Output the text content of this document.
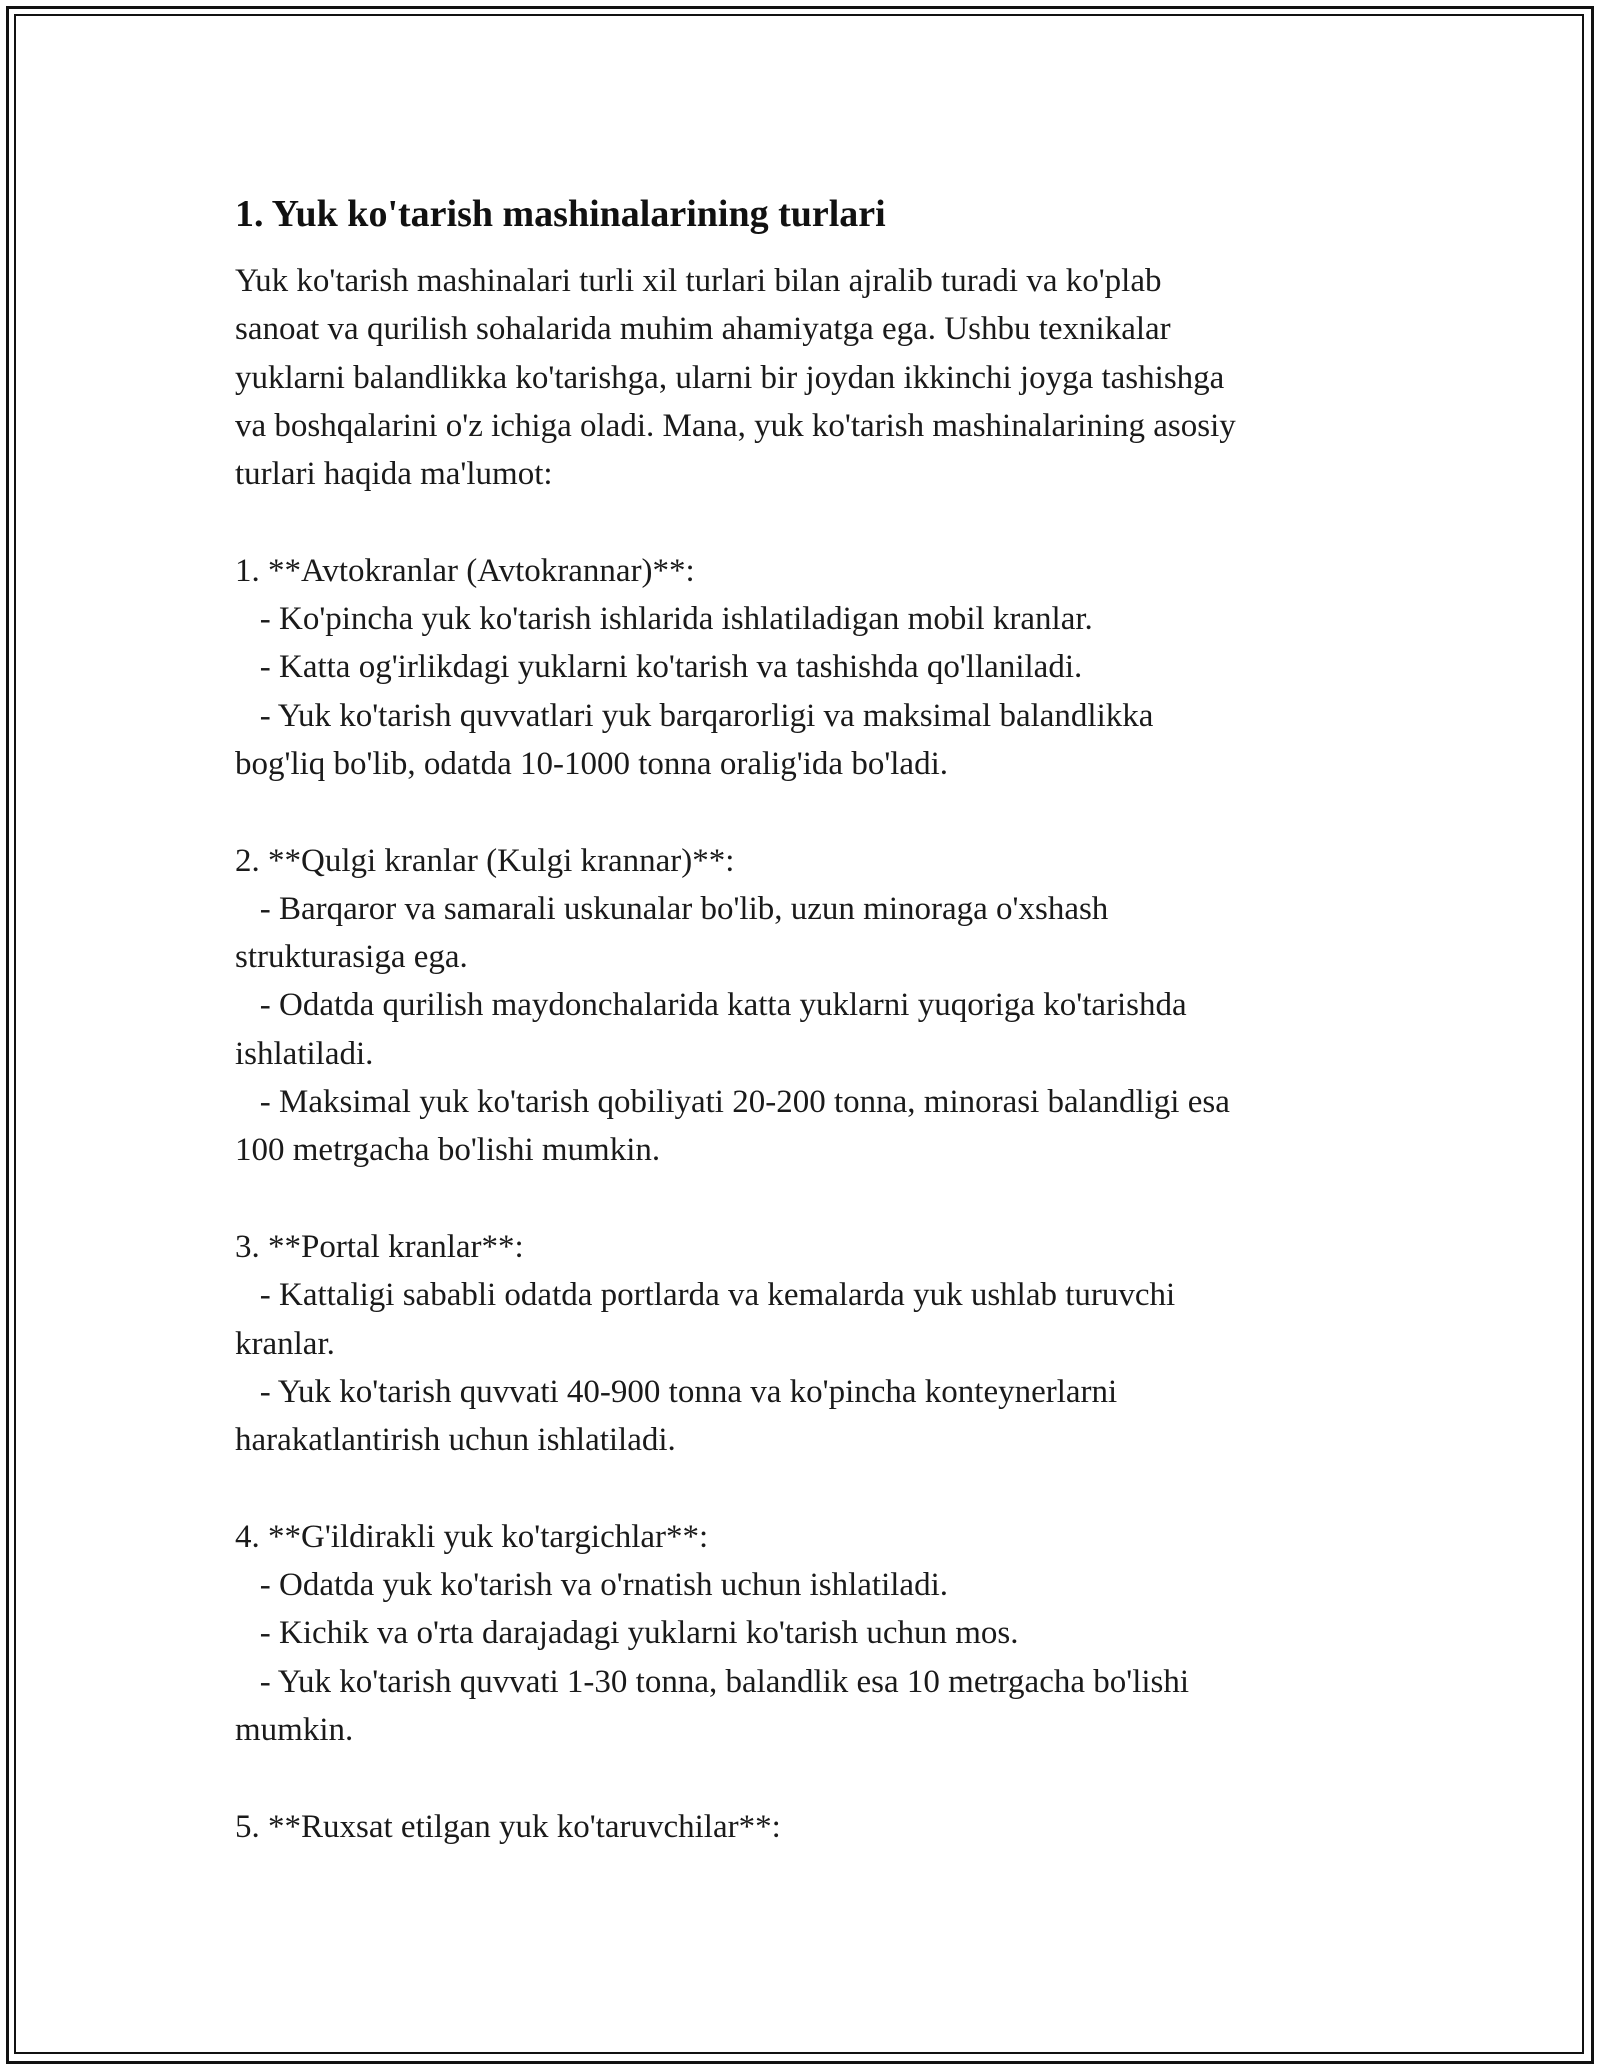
1. Yuk ko'tarish mashinalarining turlari
Yuk ko'tarish mashinalari turli xil turlari bilan ajralib turadi va ko'plab
sanoat va qurilish sohalarida muhim ahamiyatga ega. Ushbu texnikalar
yuklarni balandlikka ko'tarishga, ularni bir joydan ikkinchi joyga tashishga
va boshqalarini o'z ichiga oladi. Mana, yuk ko'tarish mashinalarining asosiy
turlari haqida ma'lumot:
1. **Avtokranlar (Avtokrannar)**:
- Ko'pincha yuk ko'tarish ishlarida ishlatiladigan mobil kranlar.
- Katta og'irlikdagi yuklarni ko'tarish va tashishda qo'llaniladi.
- Yuk ko'tarish quvvatlari yuk barqarorligi va maksimal balandlikka
bog'liq bo'lib, odatda 10-1000 tonna oralig'ida bo'ladi.
2. **Qulgi kranlar (Kulgi krannar)**:
- Barqaror va samarali uskunalar bo'lib, uzun minoraga o'xshash
strukturasiga ega.
- Odatda qurilish maydonchalarida katta yuklarni yuqoriga ko'tarishda
ishlatiladi.
- Maksimal yuk ko'tarish qobiliyati 20-200 tonna, minorasi balandligi esa
100 metrgacha bo'lishi mumkin.
3. **Portal kranlar**:
- Kattaligi sababli odatda portlarda va kemalarda yuk ushlab turuvchi
kranlar.
- Yuk ko'tarish quvvati 40-900 tonna va ko'pincha konteynerlarni
harakatlantirish uchun ishlatiladi.
4. **G'ildirakli yuk ko'targichlar**:
- Odatda yuk ko'tarish va o'rnatish uchun ishlatiladi.
- Kichik va o'rta darajadagi yuklarni ko'tarish uchun mos.
- Yuk ko'tarish quvvati 1-30 tonna, balandlik esa 10 metrgacha bo'lishi
mumkin.
5. **Ruxsat etilgan yuk ko'taruvchilar**:
